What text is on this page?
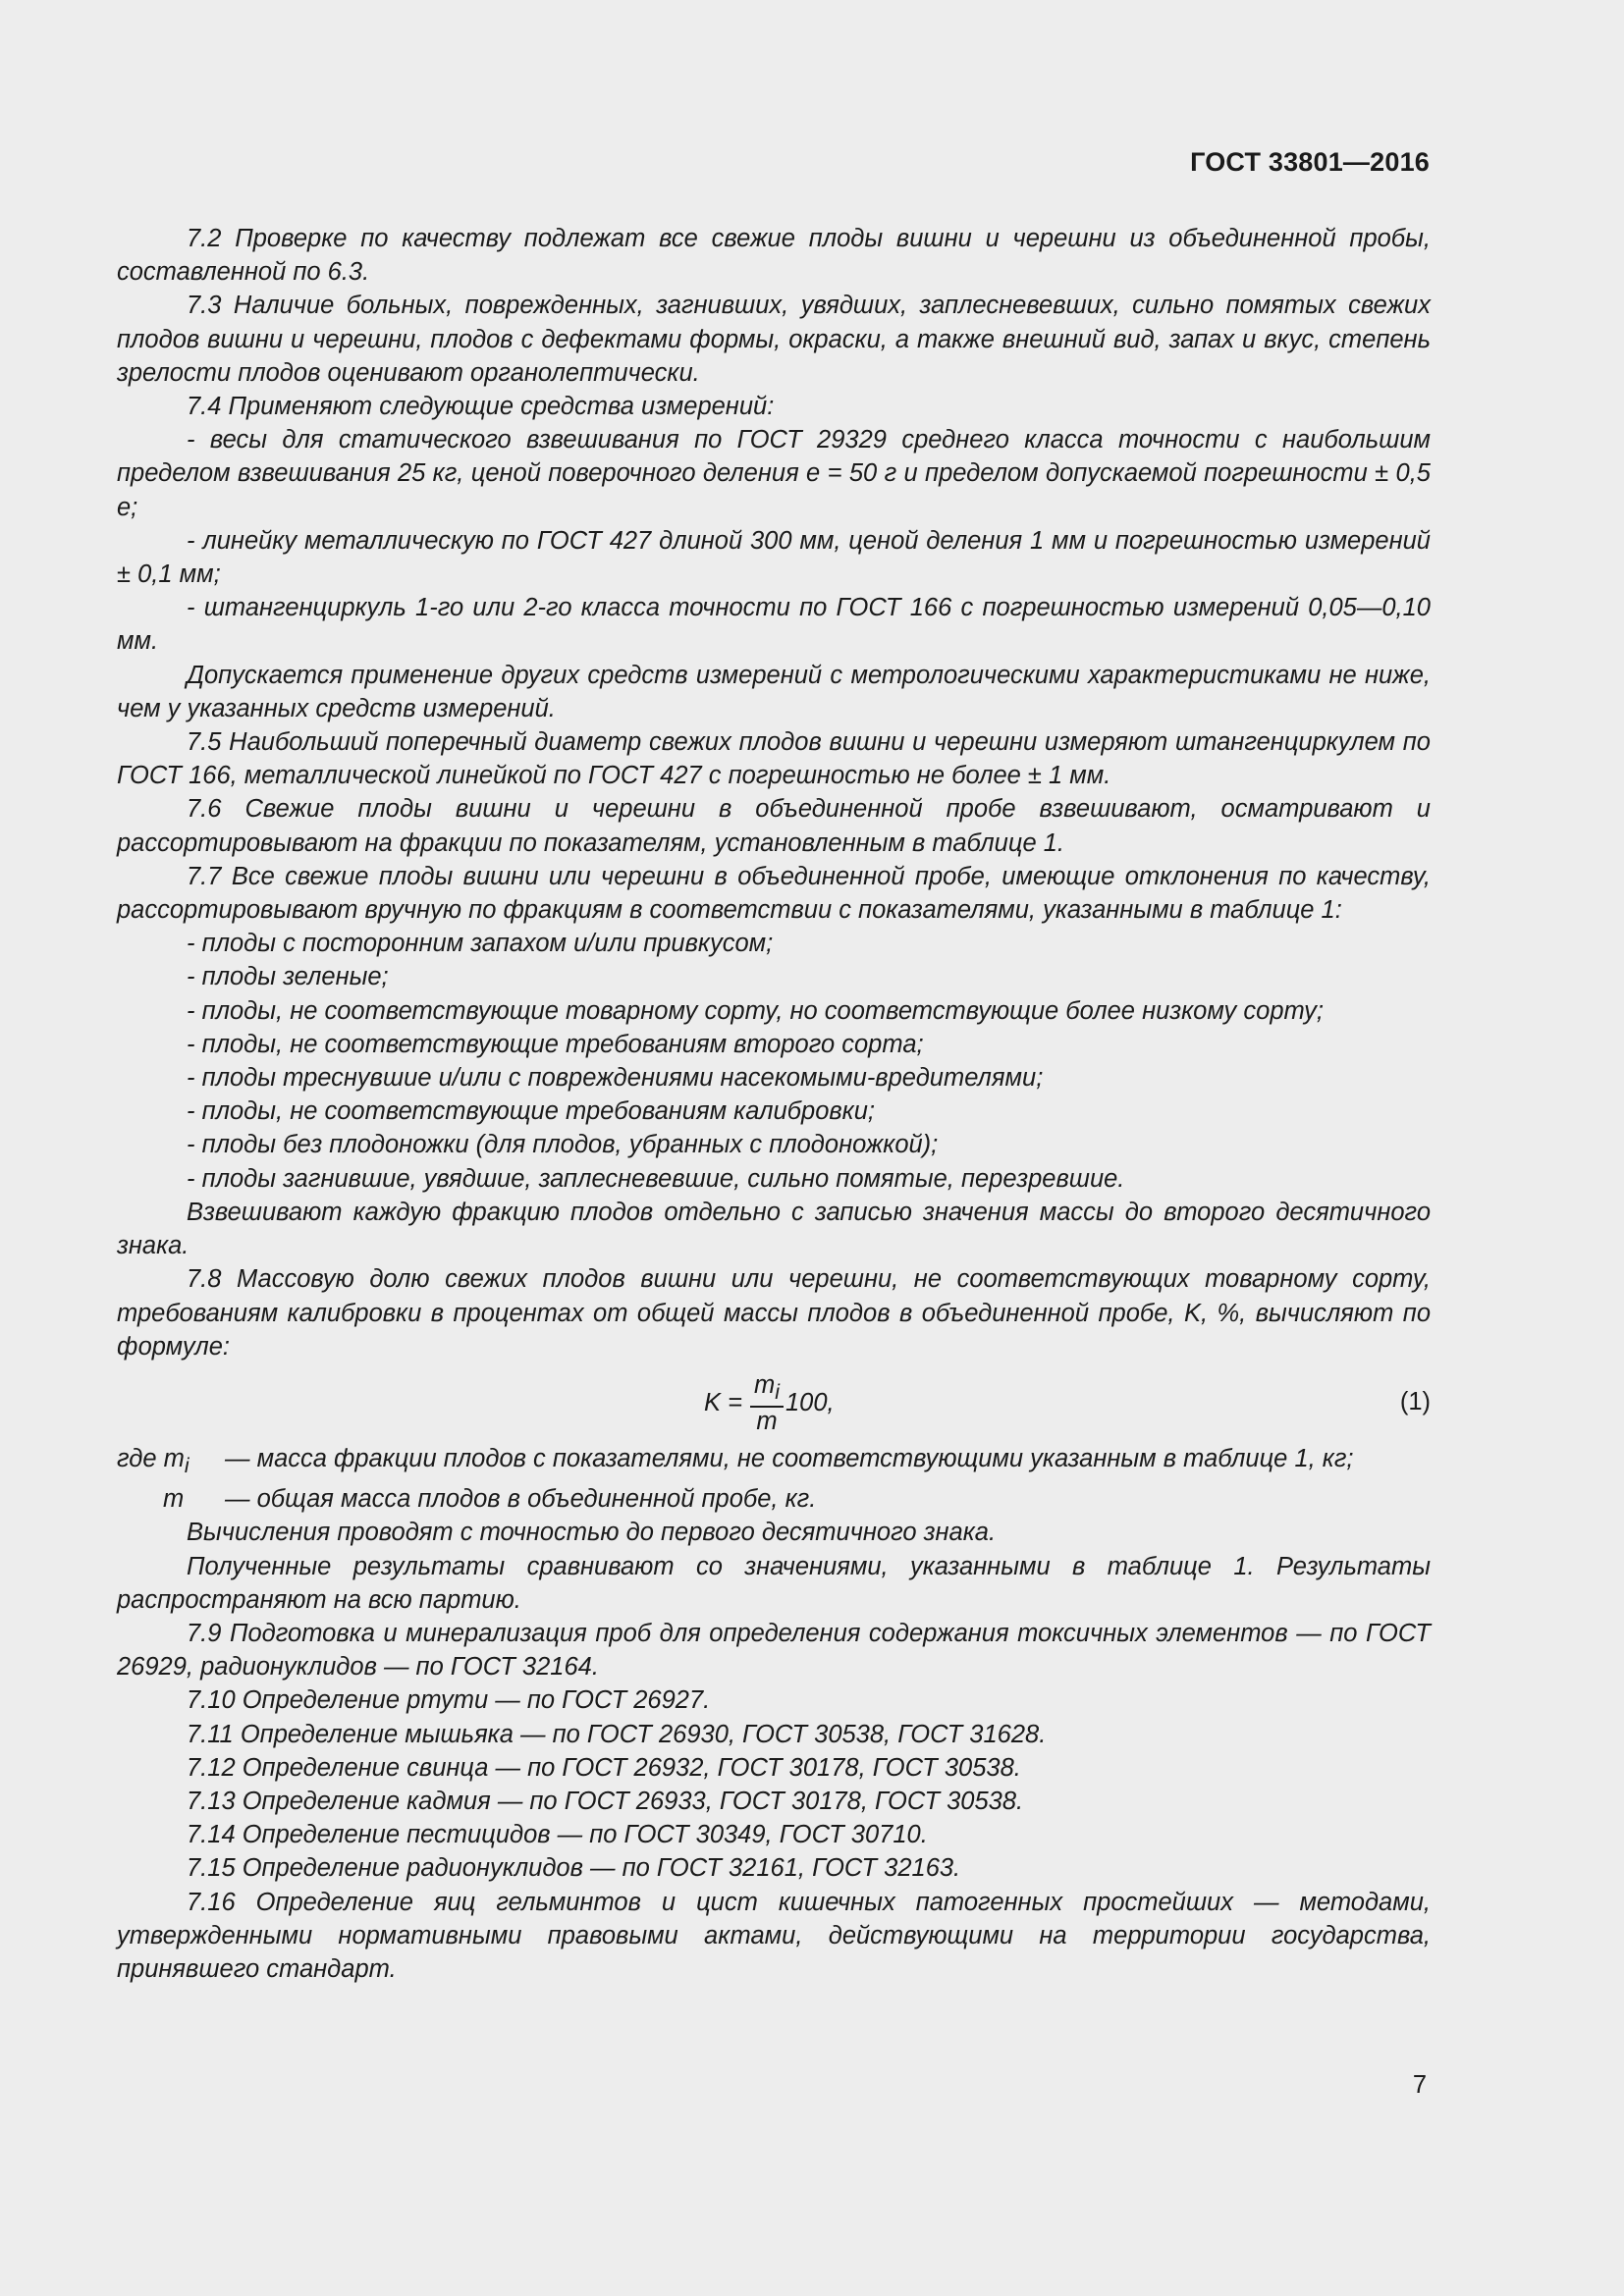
ГОСТ 33801—2016

7.2 Проверке по качеству подлежат все свежие плоды вишни и черешни из объединенной пробы, составленной по 6.3.

7.3 Наличие больных, поврежденных, загнивших, увядших, заплесневевших, сильно помятых свежих плодов вишни и черешни, плодов с дефектами формы, окраски, а также внешний вид, запах и вкус, степень зрелости плодов оценивают органолептически.

7.4 Применяют следующие средства измерений:

- весы для статического взвешивания по ГОСТ 29329 среднего класса точности с наибольшим пределом взвешивания 25 кг, ценой поверочного деления e = 50 г и пределом допускаемой погрешности ± 0,5 e;

- линейку металлическую по ГОСТ 427 длиной 300 мм, ценой деления 1 мм и погрешностью измерений ± 0,1 мм;

- штангенциркуль 1-го или 2-го класса точности по ГОСТ 166 с погрешностью измерений 0,05—0,10 мм.

Допускается применение других средств измерений с метрологическими характеристиками не ниже, чем у указанных средств измерений.

7.5 Наибольший поперечный диаметр свежих плодов вишни и черешни измеряют штангенциркулем по ГОСТ 166, металлической линейкой по ГОСТ 427 с погрешностью не более ± 1 мм.

7.6 Свежие плоды вишни и черешни в объединенной пробе взвешивают, осматривают и рассортировывают на фракции по показателям, установленным в таблице 1.

7.7 Все свежие плоды вишни или черешни в объединенной пробе, имеющие отклонения по качеству, рассортировывают вручную по фракциям в соответствии с показателями, указанными в таблице 1:

- плоды с посторонним запахом и/или привкусом;

- плоды зеленые;

- плоды, не соответствующие товарному сорту, но соответствующие более низкому сорту;

- плоды, не соответствующие требованиям второго сорта;

- плоды треснувшие и/или с повреждениями насекомыми-вредителями;

- плоды, не соответствующие требованиям калибровки;

- плоды без плодоножки (для плодов, убранных с плодоножкой);

- плоды загнившие, увядшие, заплесневевшие, сильно помятые, перезревшие.

Взвешивают каждую фракцию плодов отдельно с записью значения массы до второго десятичного знака.

7.8 Массовую долю свежих плодов вишни или черешни, не соответствующих товарному сорту, требованиям калибровки в процентах от общей массы плодов в объединенной пробе, K, %, вычисляют по формуле:

$K = \frac{m_i}{m} 100$,	(1)
где $m_i$	— масса фракции плодов с показателями, не соответствующими указанным в таблице 1, кг;
m	— общая масса плодов в объединенной пробе, кг.

Вычисления проводят с точностью до первого десятичного знака.

Полученные результаты сравнивают со значениями, указанными в таблице 1. Результаты распространяют на всю партию.

7.9 Подготовка и минерализация проб для определения содержания токсичных элементов — по ГОСТ 26929, радионуклидов — по ГОСТ 32164.

7.10 Определение ртути — по ГОСТ 26927.

7.11 Определение мышьяка — по ГОСТ 26930, ГОСТ 30538, ГОСТ 31628.

7.12 Определение свинца — по ГОСТ 26932, ГОСТ 30178, ГОСТ 30538.

7.13 Определение кадмия — по ГОСТ 26933, ГОСТ 30178, ГОСТ 30538.

7.14 Определение пестицидов — по ГОСТ 30349, ГОСТ 30710.

7.15 Определение радионуклидов — по ГОСТ 32161, ГОСТ 32163.

7.16 Определение яиц гельминтов и цист кишечных патогенных простейших — методами, утвержденными нормативными правовыми актами, действующими на территории государства, принявшего стандарт.

7
